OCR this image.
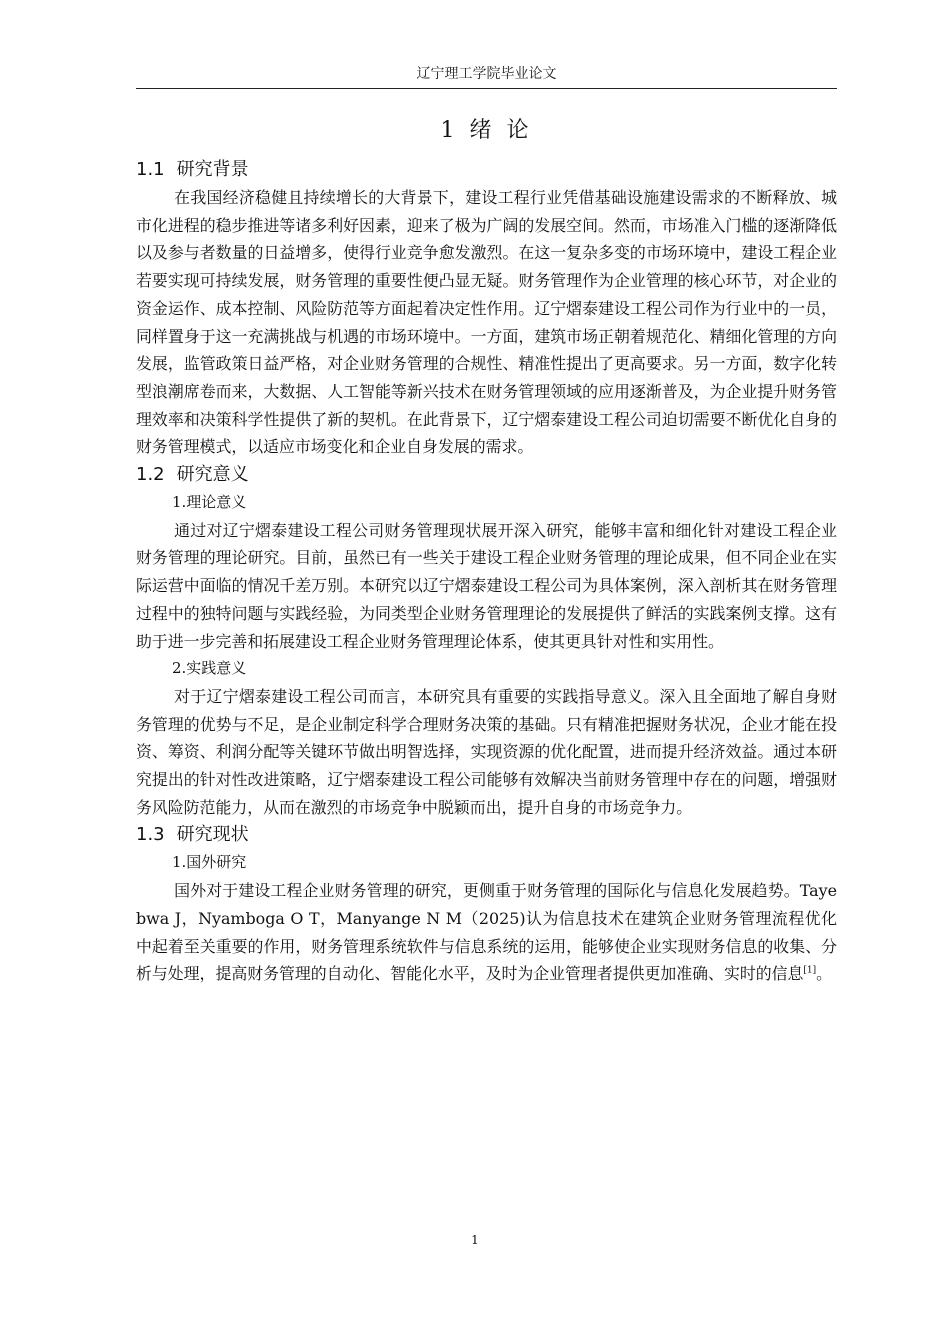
辽宁理工学院毕业论文
1 绪 论
1.1 研究背景

在我国经济稳健且持续增长的大背景下，建设工程行业凭借基础设施建设需求的不断释放、城市化进程的稳步推进等诸多利好因素，迎来了极为广阔的发展空间。然而，市场准入门槛的逐渐降低以及参与者数量的日益增多，使得行业竞争愈发激烈。在这一复杂多变的市场环境中，建设工程企业若要实现可持续发展，财务管理的重要性便凸显无疑。财务管理作为企业管理的核心环节，对企业的资金运作、成本控制、风险防范等方面起着决定性作用。辽宁熠泰建设工程公司作为行业中的一员，同样置身于这一充满挑战与机遇的市场环境中。一方面，建筑市场正朝着规范化、精细化管理的方向发展，监管政策日益严格，对企业财务管理的合规性、精准性提出了更高要求。另一方面，数字化转型浪潮席卷而来，大数据、人工智能等新兴技术在财务管理领域的应用逐渐普及，为企业提升财务管理效率和决策科学性提供了新的契机。在此背景下，辽宁熠泰建设工程公司迫切需要不断优化自身的财务管理模式，以适应市场变化和企业自身发展的需求。

1.2 研究意义

1.理论意义

通过对辽宁熠泰建设工程公司财务管理现状展开深入研究，能够丰富和细化针对建设工程企业财务管理的理论研究。目前，虽然已有一些关于建设工程企业财务管理的理论成果，但不同企业在实际运营中面临的情况千差万别。本研究以辽宁熠泰建设工程公司为具体案例，深入剖析其在财务管理过程中的独特问题与实践经验，为同类型企业财务管理理论的发展提供了鲜活的实践案例支撑。这有助于进一步完善和拓展建设工程企业财务管理理论体系，使其更具针对性和实用性。

2.实践意义

对于辽宁熠泰建设工程公司而言，本研究具有重要的实践指导意义。深入且全面地了解自身财务管理的优势与不足，是企业制定科学合理财务决策的基础。只有精准把握财务状况，企业才能在投资、筹资、利润分配等关键环节做出明智选择，实现资源的优化配置，进而提升经济效益。通过本研究提出的针对性改进策略，辽宁熠泰建设工程公司能够有效解决当前财务管理中存在的问题，增强财务风险防范能力，从而在激烈的市场竞争中脱颖而出，提升自身的市场竞争力。

1.3 研究现状

1.国外研究

国外对于建设工程企业财务管理的研究，更侧重于财务管理的国际化与信息化发展趋势。Tayebwa J，Nyamboga O T，Manyange N M（2025)认为信息技术在建筑企业财务管理流程优化中起着至关重要的作用，财务管理系统软件与信息系统的运用，能够使企业实现财务信息的收集、分析与处理，提高财务管理的自动化、智能化水平，及时为企业管理者提供更加准确、实时的信息[1]。

1
